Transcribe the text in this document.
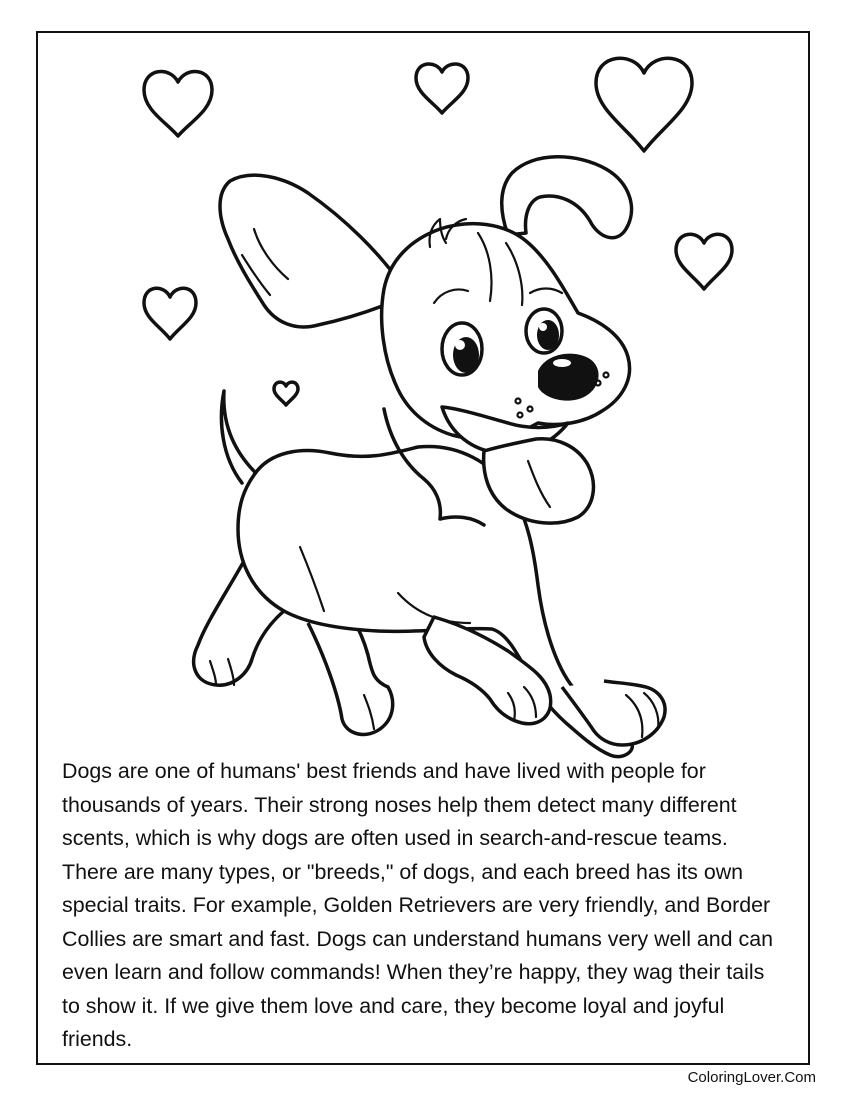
Dogs are one of humans' best friends and have lived with people for thousands of years. Their strong noses help them detect many different scents, which is why dogs are often used in search-and-rescue teams. There are many types, or "breeds," of dogs, and each breed has its own special traits. For example, Golden Retrievers are very friendly, and Border Collies are smart and fast. Dogs can understand humans very well and can even learn and follow commands! When they’re happy, they wag their tails to show it. If we give them love and care, they become loyal and joyful friends.

ColoringLover.Com
